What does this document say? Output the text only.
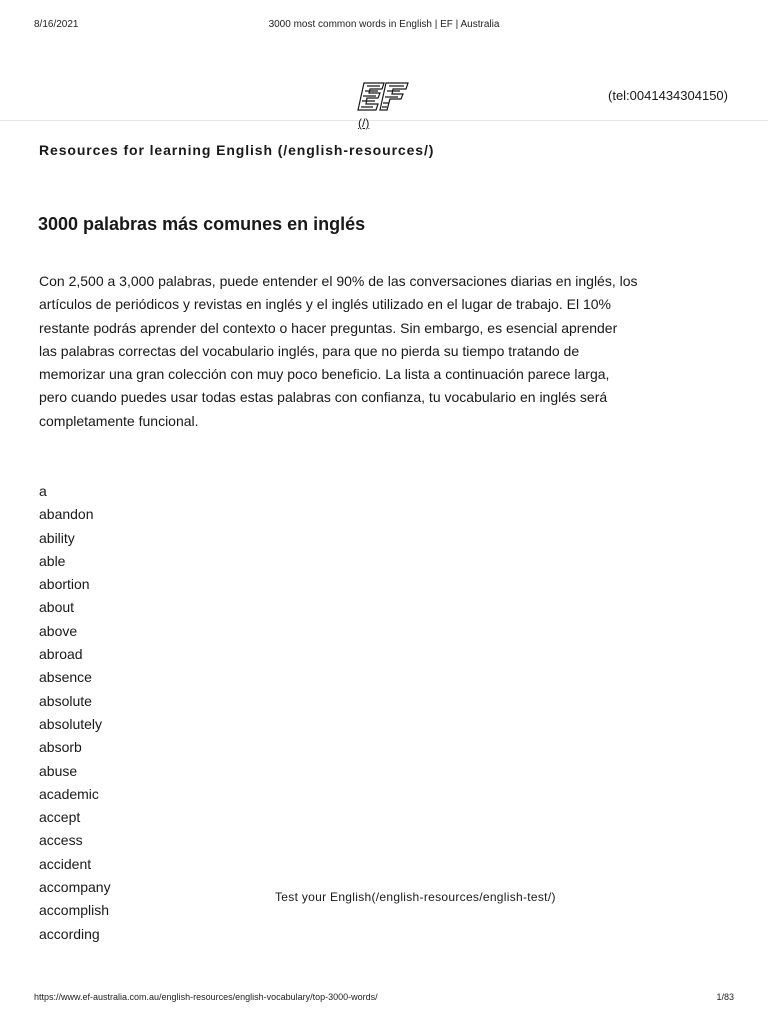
8/16/2021	3000 most common words in English | EF | Australia
(/)
(tel:0041434304150)
Resources for learning English (/english-resources/)
3000 palabras más comunes en inglés

Con 2,500 a 3,000 palabras, puede entender el 90% de las conversaciones diarias en inglés, los artículos de periódicos y revistas en inglés y el inglés utilizado en el lugar de trabajo. El 10% restante podrás aprender del contexto o hacer preguntas. Sin embargo, es esencial aprender las palabras correctas del vocabulario inglés, para que no pierda su tiempo tratando de memorizar una gran colección con muy poco beneficio. La lista a continuación parece larga, pero cuando puedes usar todas estas palabras con confianza, tu vocabulario en inglés será completamente funcional.

a
abandon
ability
able
abortion
about
above
abroad
absence
absolute
absolutely
absorb
abuse
academic
accept
access
accident
accompany
accomplish
according
Test your English(/english-resources/english-test/)
https://www.ef-australia.com.au/english-resources/english-vocabulary/top-3000-words/	1/83
